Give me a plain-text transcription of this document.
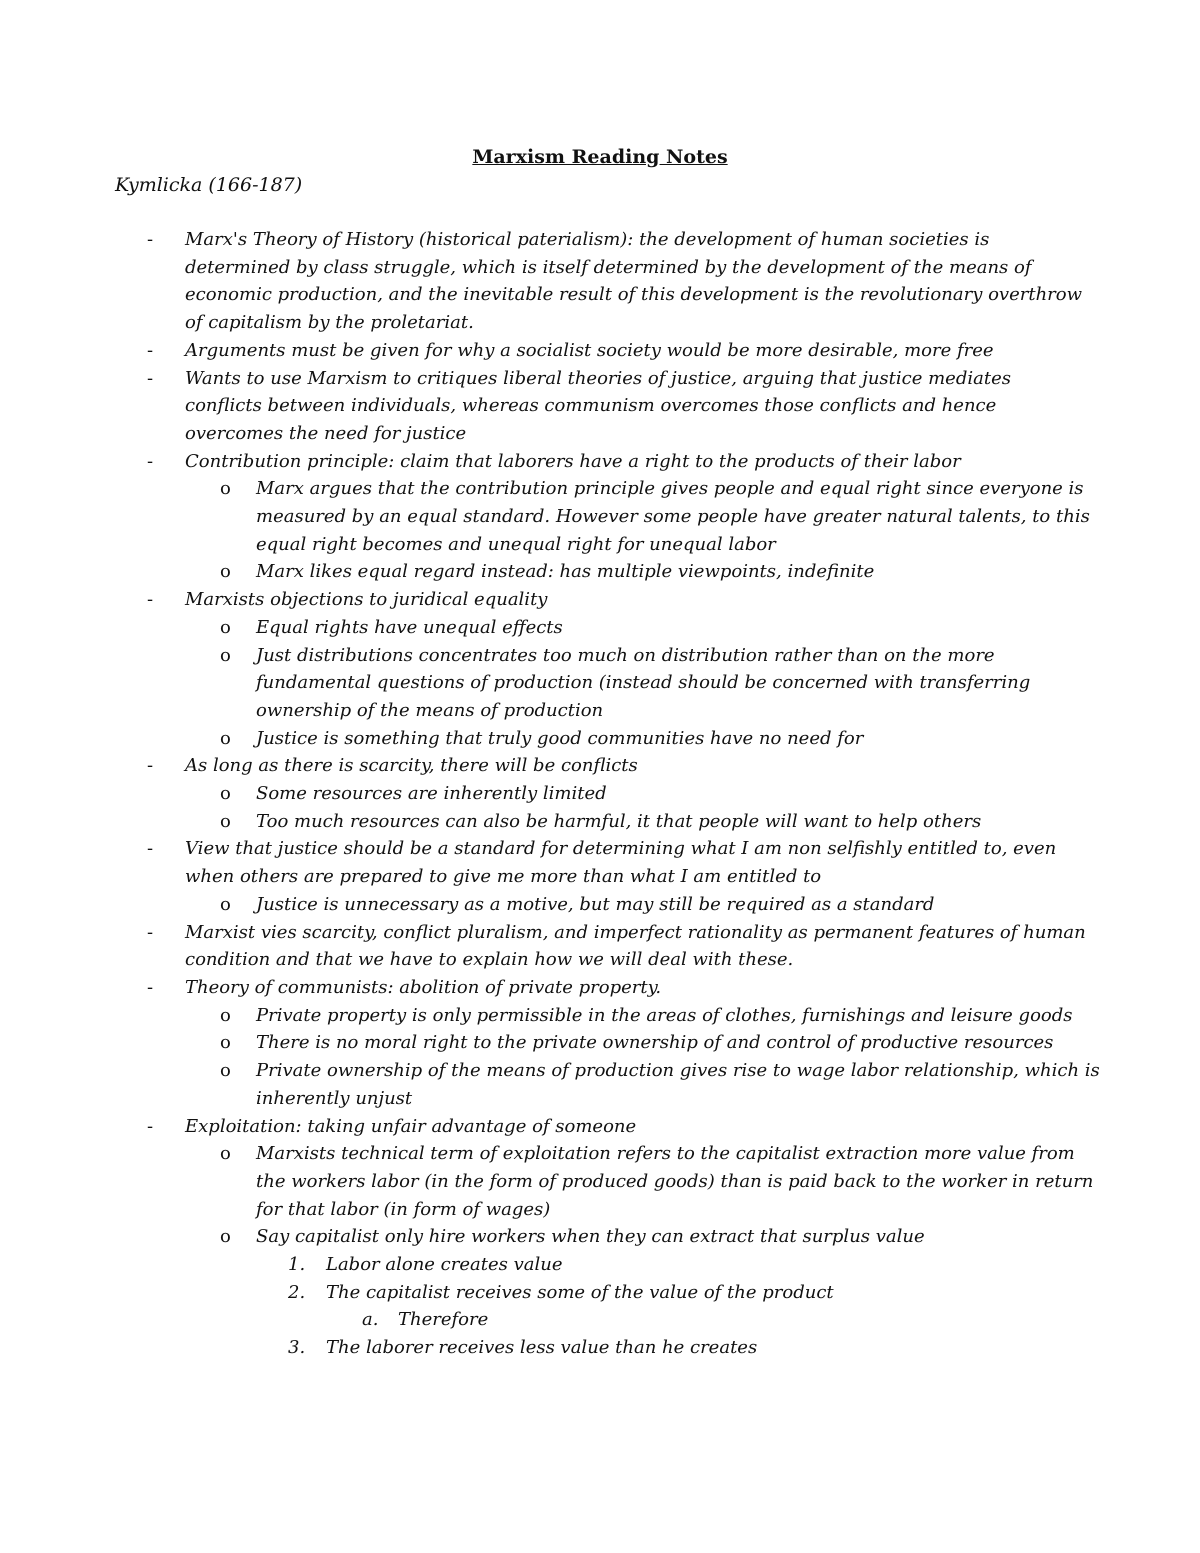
Marxism Reading Notes
Kymlicka (166-187)
- Marx's Theory of History (historical paterialism): the development of human societies is determined by class struggle, which is itself determined by the development of the means of economic production, and the inevitable result of this development is the revolutionary overthrow of capitalism by the proletariat.
- Arguments must be given for why a socialist society would be more desirable, more free
- Wants to use Marxism to critiques liberal theories of justice, arguing that justice mediates conflicts between individuals, whereas communism overcomes those conflicts and hence overcomes the need for justice
- Contribution principle: claim that laborers have a right to the products of their labor
o Marx argues that the contribution principle gives people and equal right since everyone is measured by an equal standard. However some people have greater natural talents, to this equal right becomes and unequal right for unequal labor
o Marx likes equal regard instead: has multiple viewpoints, indefinite
- Marxists objections to juridical equality
o Equal rights have unequal effects
o Just distributions concentrates too much on distribution rather than on the more fundamental questions of production (instead should be concerned with transferring ownership of the means of production
o Justice is something that truly good communities have no need for
- As long as there is scarcity, there will be conflicts
o Some resources are inherently limited
o Too much resources can also be harmful, it that people will want to help others
- View that justice should be a standard for determining what I am non selfishly entitled to, even when others are prepared to give me more than what I am entitled to
o Justice is unnecessary as a motive, but may still be required as a standard
- Marxist vies scarcity, conflict pluralism, and imperfect rationality as permanent features of human condition and that we have to explain how we will deal with these.
- Theory of communists: abolition of private property.
o Private property is only permissible in the areas of clothes, furnishings and leisure goods
o There is no moral right to the private ownership of and control of productive resources
o Private ownership of the means of production gives rise to wage labor relationship, which is inherently unjust
- Exploitation: taking unfair advantage of someone
o Marxists technical term of exploitation refers to the capitalist extraction more value from the workers labor (in the form of produced goods) than is paid back to the worker in return for that labor (in form of wages)
o Say capitalist only hire workers when they can extract that surplus value
1. Labor alone creates value
2. The capitalist receives some of the value of the product
a. Therefore
3. The laborer receives less value than he creates
